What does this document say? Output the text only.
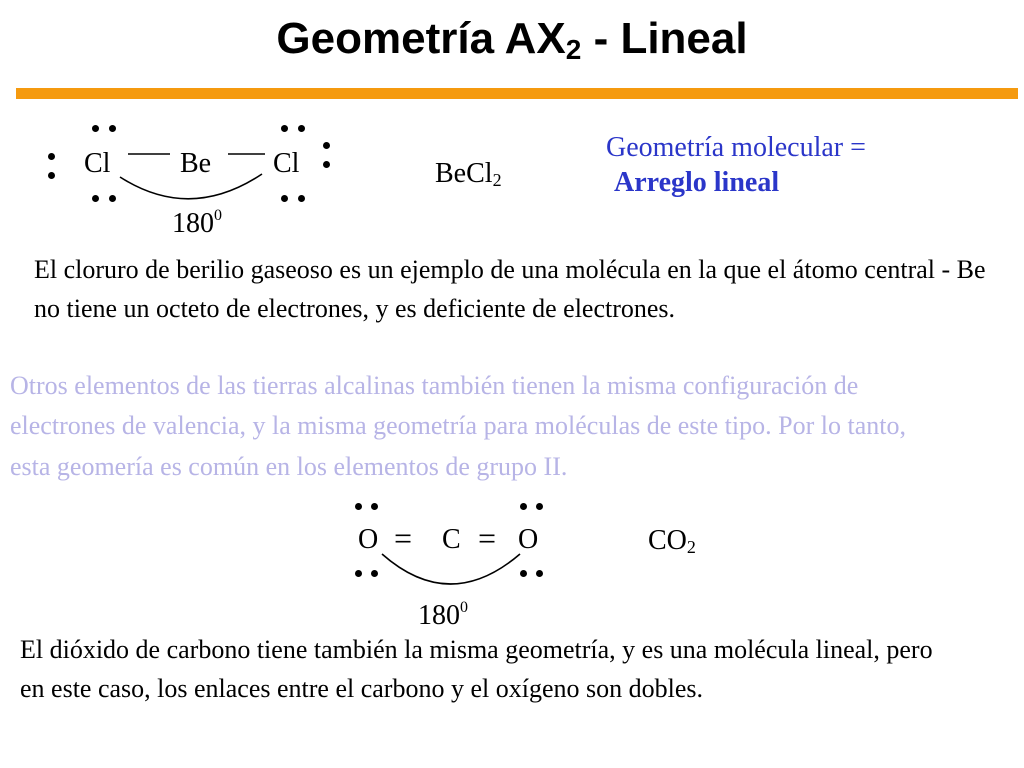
Geometría $AX_2$ - Lineal
Cl Be Cl
$180^0$
BeCl$_2$
Geometría molecular =
Arreglo lineal
El cloruro de berilio gaseoso es un ejemplo de una molécula en la que el átomo central - Be no tiene un octeto de electrones, y es deficiente de electrones.
Otros elementos de las tierras alcalinas también tienen la misma configuración de electrones de valencia, y la misma geometría para moléculas de este tipo. Por lo tanto, esta geomería es común en los elementos de grupo II.
O = C = O
$180^0$
$CO_2$
El dióxido de carbono tiene también la misma geometría, y es una molécula lineal, pero en este caso, los enlaces entre el carbono y el oxígeno son dobles.
